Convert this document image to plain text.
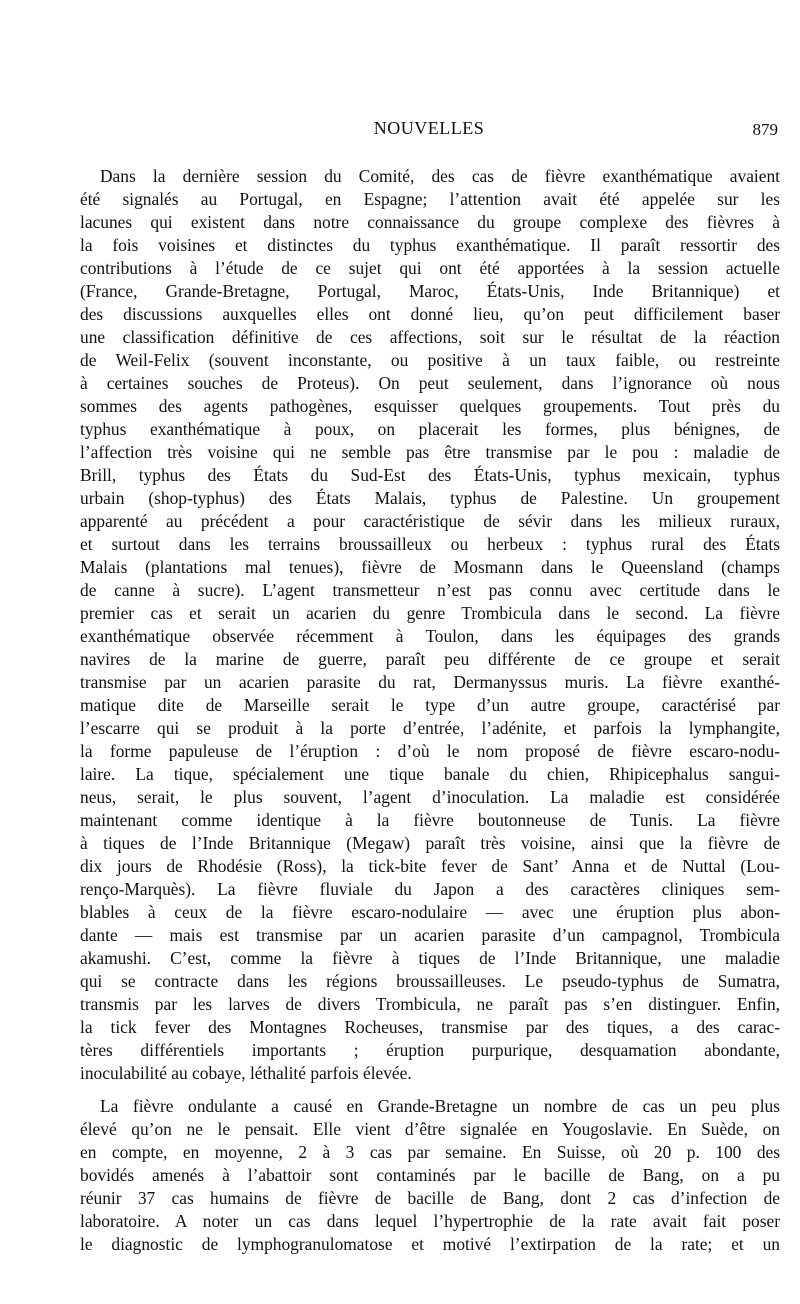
NOUVELLES	879
Dans la dernière session du Comité, des cas de fièvre exanthématique avaient
été signalés au Portugal, en Espagne; l’attention avait été appelée sur les
lacunes qui existent dans notre connaissance du groupe complexe des fièvres à
la fois voisines et distinctes du typhus exanthématique. Il paraît ressortir des
contributions à l’étude de ce sujet qui ont été apportées à la session actuelle
(France, Grande-Bretagne, Portugal, Maroc, États-Unis, Inde Britannique) et
des discussions auxquelles elles ont donné lieu, qu’on peut difficilement baser
une classification définitive de ces affections, soit sur le résultat de la réaction
de Weil-Felix (souvent inconstante, ou positive à un taux faible, ou restreinte
à certaines souches de Proteus). On peut seulement, dans l’ignorance où nous
sommes des agents pathogènes, esquisser quelques groupements. Tout près du
typhus exanthématique à poux, on placerait les formes, plus bénignes, de
l’affection très voisine qui ne semble pas être transmise par le pou : maladie de
Brill, typhus des États du Sud-Est des États-Unis, typhus mexicain, typhus
urbain (shop-typhus) des États Malais, typhus de Palestine. Un groupement
apparenté au précédent a pour caractéristique de sévir dans les milieux ruraux,
et surtout dans les terrains broussailleux ou herbeux : typhus rural des États
Malais (plantations mal tenues), fièvre de Mosmann dans le Queensland (champs
de canne à sucre). L’agent transmetteur n’est pas connu avec certitude dans le
premier cas et serait un acarien du genre Trombicula dans le second. La fièvre
exanthématique observée récemment à Toulon, dans les équipages des grands
navires de la marine de guerre, paraît peu différente de ce groupe et serait
transmise par un acarien parasite du rat, Dermanyssus muris. La fièvre exanthé-
matique dite de Marseille serait le type d’un autre groupe, caractérisé par
l’escarre qui se produit à la porte d’entrée, l’adénite, et parfois la lymphangite,
la forme papuleuse de l’éruption : d’où le nom proposé de fièvre escaro-nodu-
laire. La tique, spécialement une tique banale du chien, Rhipicephalus sangui-
neus, serait, le plus souvent, l’agent d’inoculation. La maladie est considérée
maintenant comme identique à la fièvre boutonneuse de Tunis. La fièvre
à tiques de l’Inde Britannique (Megaw) paraît très voisine, ainsi que la fièvre de
dix jours de Rhodésie (Ross), la tick-bite fever de Sant’ Anna et de Nuttal (Lou-
renço-Marquès). La fièvre fluviale du Japon a des caractères cliniques sem-
blables à ceux de la fièvre escaro-nodulaire — avec une éruption plus abon-
dante — mais est transmise par un acarien parasite d’un campagnol, Trombicula
akamushi. C’est, comme la fièvre à tiques de l’Inde Britannique, une maladie
qui se contracte dans les régions broussailleuses. Le pseudo-typhus de Sumatra,
transmis par les larves de divers Trombicula, ne paraît pas s’en distinguer. Enfin,
la tick fever des Montagnes Rocheuses, transmise par des tiques, a des carac-
tères différentiels importants ; éruption purpurique, desquamation abondante,
inoculabilité au cobaye, léthalité parfois élevée.
La fièvre ondulante a causé en Grande-Bretagne un nombre de cas un peu plus
élevé qu’on ne le pensait. Elle vient d’être signalée en Yougoslavie. En Suède, on
en compte, en moyenne, 2 à 3 cas par semaine. En Suisse, où 20 p. 100 des
bovidés amenés à l’abattoir sont contaminés par le bacille de Bang, on a pu
réunir 37 cas humains de fièvre de bacille de Bang, dont 2 cas d’infection de
laboratoire. A noter un cas dans lequel l’hypertrophie de la rate avait fait poser
le diagnostic de lymphogranulomatose et motivé l’extirpation de la rate; et un
